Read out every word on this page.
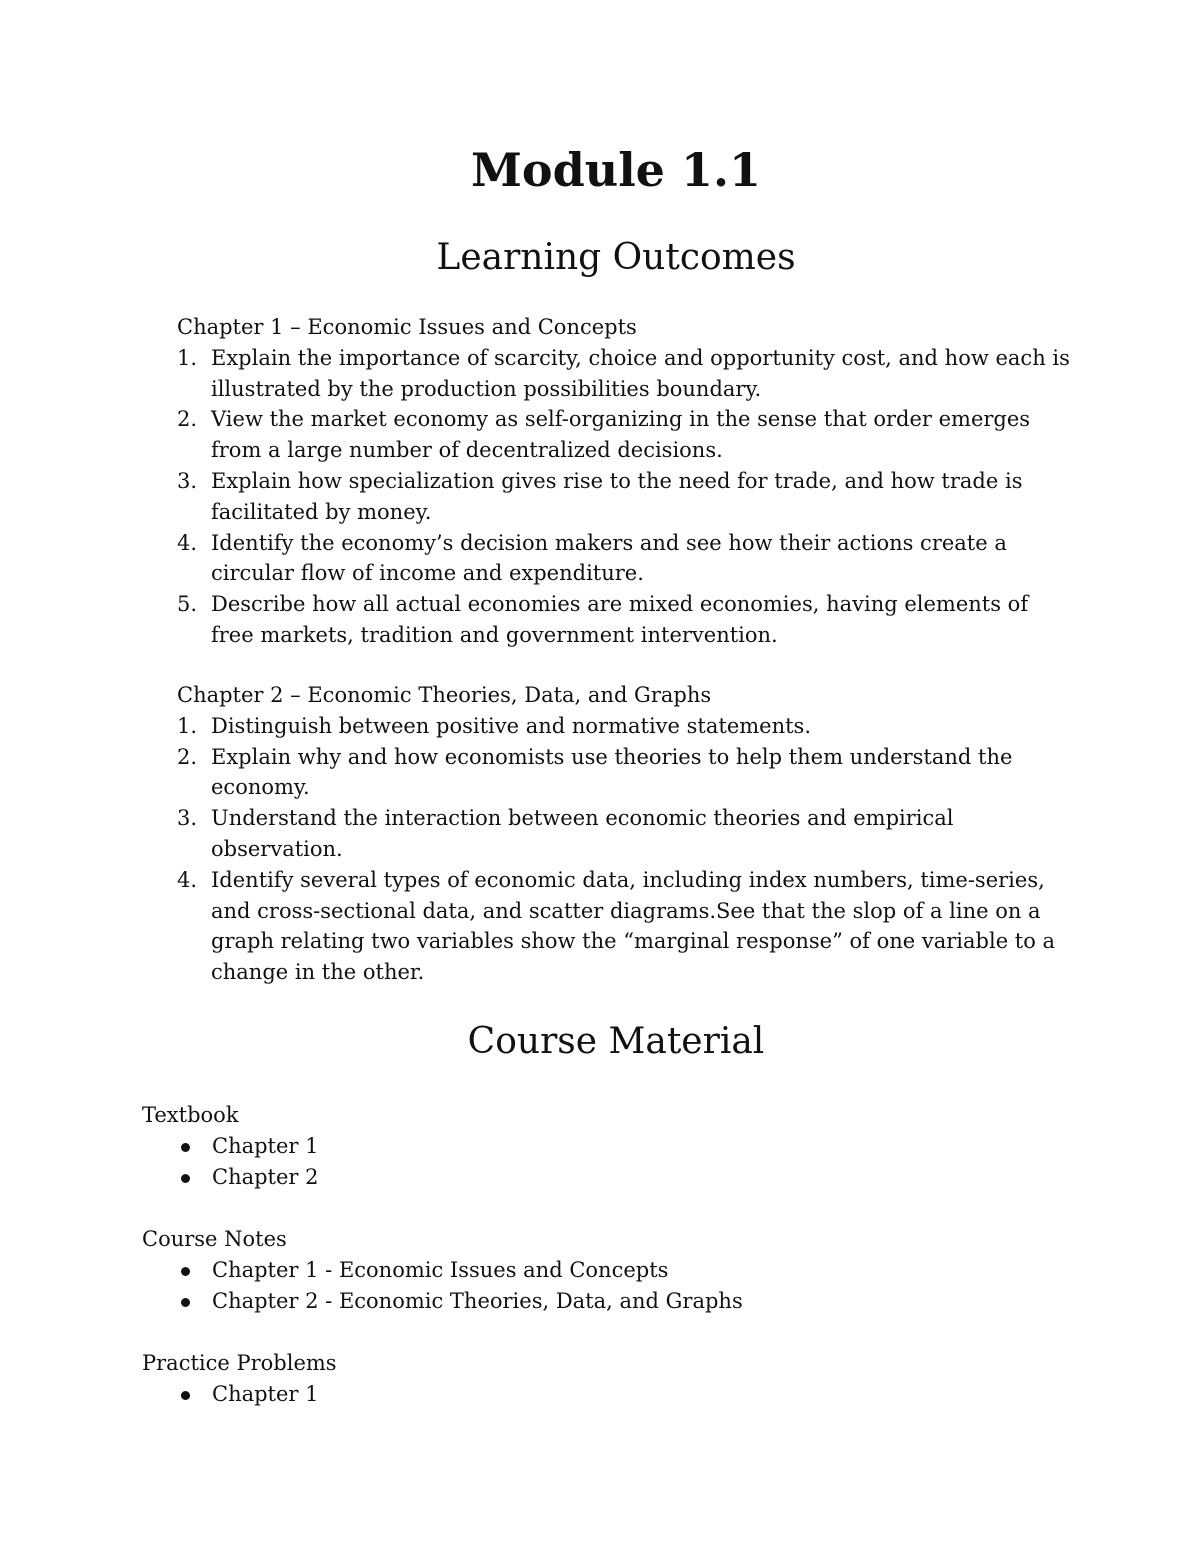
Module 1.1
Learning Outcomes

Chapter 1 – Economic Issues and Concepts

1. Explain the importance of scarcity, choice and opportunity cost, and how each is illustrated by the production possibilities boundary.
2. View the market economy as self-organizing in the sense that order emerges from a large number of decentralized decisions.
3. Explain how specialization gives rise to the need for trade, and how trade is facilitated by money.
4. Identify the economy’s decision makers and see how their actions create a circular flow of income and expenditure.
5. Describe how all actual economies are mixed economies, having elements of free markets, tradition and government intervention.

Chapter 2 – Economic Theories, Data, and Graphs

1. Distinguish between positive and normative statements.
2. Explain why and how economists use theories to help them understand the economy.
3. Understand the interaction between economic theories and empirical observation.
4. Identify several types of economic data, including index numbers, time-series, and cross-sectional data, and scatter diagrams.See that the slop of a line on a graph relating two variables show the “marginal response” of one variable to a change in the other.
Course Material

Textbook

Chapter 1
Chapter 2

Course Notes

Chapter 1 - Economic Issues and Concepts
Chapter 2 - Economic Theories, Data, and Graphs

Practice Problems

Chapter 1
